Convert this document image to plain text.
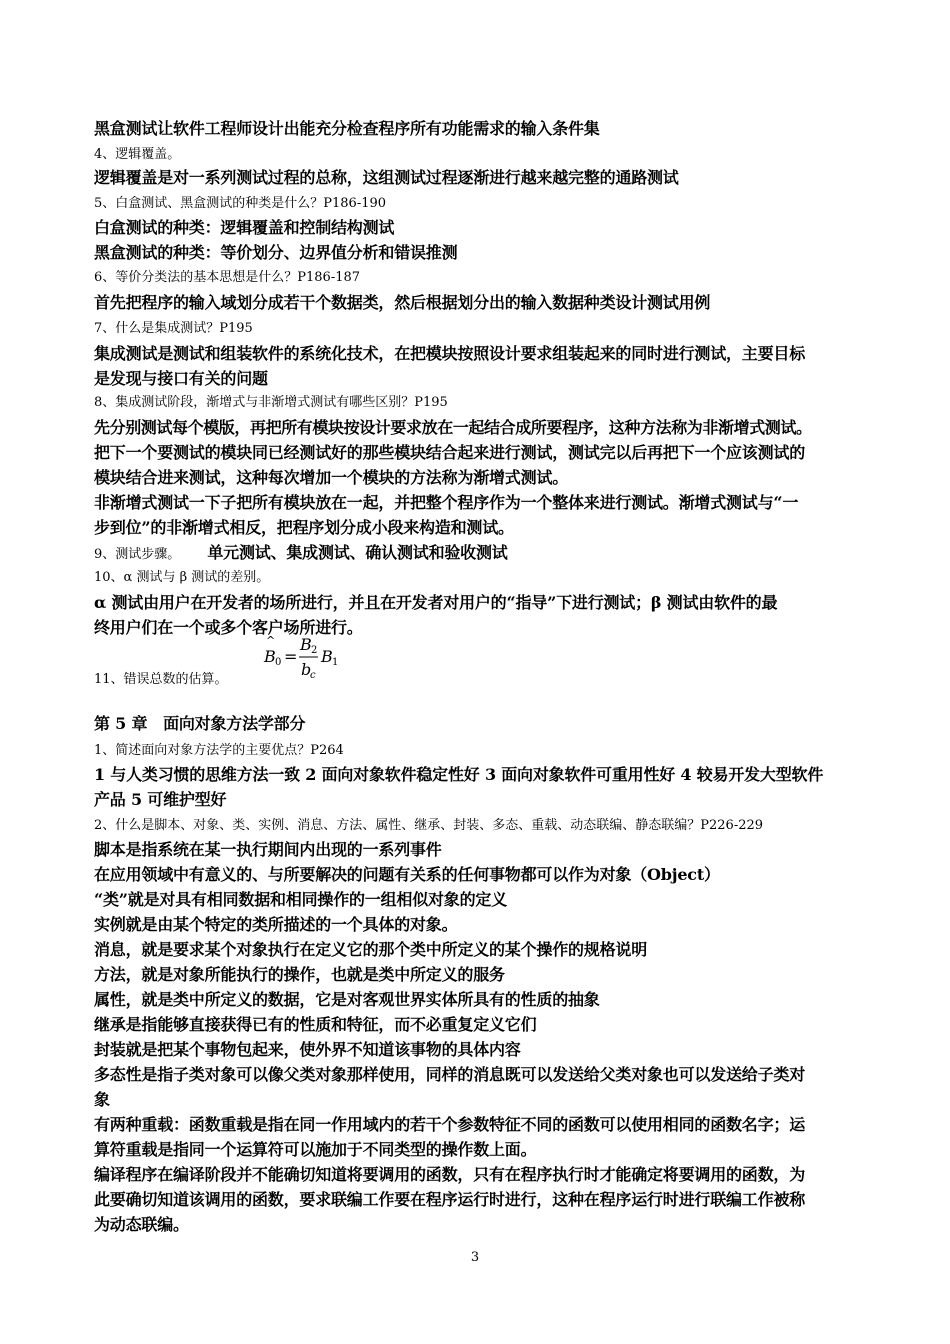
黑盒测试让软件工程师设计出能充分检查程序所有功能需求的输入条件集
4、逻辑覆盖。
逻辑覆盖是对一系列测试过程的总称，这组测试过程逐渐进行越来越完整的通路测试
5、白盒测试、黑盒测试的种类是什么？P186-190
白盒测试的种类：逻辑覆盖和控制结构测试
黑盒测试的种类：等价划分、边界值分析和错误推测
6、等价分类法的基本思想是什么？P186-187
首先把程序的输入域划分成若干个数据类，然后根据划分出的输入数据种类设计测试用例
7、什么是集成测试？P195
集成测试是测试和组装软件的系统化技术，在把模块按照设计要求组装起来的同时进行测试，主要目标
是发现与接口有关的问题
8、集成测试阶段，渐增式与非渐增式测试有哪些区别？P195
先分别测试每个模版，再把所有模块按设计要求放在一起结合成所要程序，这种方法称为非渐增式测试。
把下一个要测试的模块同已经测试好的那些模块结合起来进行测试，测试完以后再把下一个应该测试的
模块结合进来测试，这种每次增加一个模块的方法称为渐增式测试。
非渐增式测试一下子把所有模块放在一起，并把整个程序作为一个整体来进行测试。渐增式测试与“一
步到位”的非渐增式相反，把程序划分成小段来构造和测试。
9、测试步骤。 单元测试、集成测试、确认测试和验收测试
10、α 测试与 β 测试的差别。
α 测试由用户在开发者的场所进行，并且在开发者对用户的“指导”下进行测试；β 测试由软件的最
终用户们在一个或多个客户场所进行。
^
B 0 =
B 2
b
c
B 1
11、错误总数的估算。
第 5 章　面向对象方法学部分
1、简述面向对象方法学的主要优点？P264
1 与人类习惯的思维方法一致 2 面向对象软件稳定性好 3 面向对象软件可重用性好 4 较易开发大型软件
产品 5 可维护型好
2、什么是脚本、对象、类、实例、消息、方法、属性、继承、封装、多态、重载、动态联编、静态联编？P226-229
脚本是指系统在某一执行期间内出现的一系列事件
在应用领域中有意义的、与所要解决的问题有关系的任何事物都可以作为对象（Object）
“类”就是对具有相同数据和相同操作的一组相似对象的定义
实例就是由某个特定的类所描述的一个具体的对象。
消息，就是要求某个对象执行在定义它的那个类中所定义的某个操作的规格说明
方法，就是对象所能执行的操作，也就是类中所定义的服务
属性，就是类中所定义的数据，它是对客观世界实体所具有的性质的抽象
继承是指能够直接获得已有的性质和特征，而不必重复定义它们
封装就是把某个事物包起来，使外界不知道该事物的具体内容
多态性是指子类对象可以像父类对象那样使用，同样的消息既可以发送给父类对象也可以发送给子类对
象
有两种重载：函数重载是指在同一作用域内的若干个参数特征不同的函数可以使用相同的函数名字；运
算符重载是指同一个运算符可以施加于不同类型的操作数上面。
编译程序在编译阶段并不能确切知道将要调用的函数，只有在程序执行时才能确定将要调用的函数，为
此要确切知道该调用的函数，要求联编工作要在程序运行时进行，这种在程序运行时进行联编工作被称
为动态联编。
3
